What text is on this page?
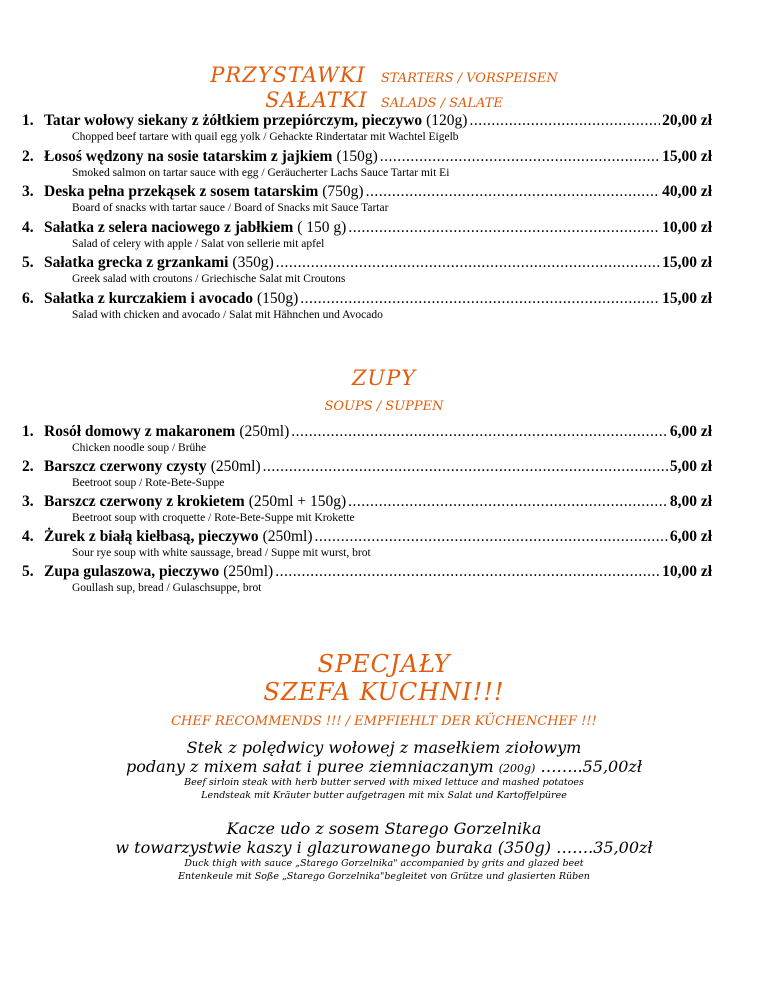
PRZYSTAWKI STARTERS / VORSPEISEN
SAŁATKI SALADS / SALATE
1. Tatar wołowy siekany z żółtkiem przepiórczym, pieczywo (120g) .....	20,00 zł
Chopped beef tartare with quail egg yolk / Gehackte Rindertatar mit Wachtel Eigelb
2. Łosoś wędzony na sosie tatarskim z jajkiem (150g) .....	15,00 zł
Smoked salmon on tartar sauce with egg / Geräucherter Lachs Sauce Tartar mit Ei
3. Deska pełna przekąsek z sosem tatarskim (750g) .....	40,00 zł
Board of snacks with tartar sauce / Board of Snacks mit Sauce Tartar
4. Sałatka z selera naciowego z jabłkiem ( 150 g) .....	10,00 zł
Salad of celery with apple / Salat von sellerie mit apfel
5. Sałatka grecka z grzankami (350g) .....	15,00 zł
Greek salad with croutons / Griechische Salat mit Croutons
6. Sałatka z kurczakiem i avocado (150g) .....	15,00 zł
Salad with chicken and avocado / Salat mit Hähnchen und Avocado
ZUPY
SOUPS / SUPPEN
1. Rosół domowy z makaronem (250ml) .....	6,00 zł
Chicken noodle soup / Brühe
2. Barszcz czerwony czysty (250ml) .....	5,00 zł
Beetroot soup / Rote-Bete-Suppe
3. Barszcz czerwony z krokietem (250ml + 150g) .....	8,00 zł
Beetroot soup with croquette / Rote-Bete-Suppe mit Krokette
4. Żurek z białą kiełbasą, pieczywo (250ml) .....	6,00 zł
Sour rye soup with white saussage, bread / Suppe mit wurst, brot
5. Zupa gulaszowa, pieczywo (250ml) .....	10,00 zł
Goullash sup, bread / Gulaschsuppe, brot
SPECJAŁY
SZEFA KUCHNI!!!
CHEF RECOMMENDS !!! / EMPFIEHLT DER KÜCHENCHEF !!!
Stek z polędwicy wołowej z masełkiem ziołowym
podany z mixem sałat i puree ziemniaczanym (200g) ……..55,00zł
Beef sirloin steak with herb butter served with mixed lettuce and mashed potatoes
Lendsteak mit Kräuter butter aufgetragen mit mix Salat und Kartoffelpüree
Kacze udo z sosem Starego Gorzelnika
w towarzystwie kaszy i glazurowanego buraka (350g) …….35,00zł
Duck thigh with sauce „Starego Gorzelnika" accompanied by grits and glazed beet
Entenkeule mit Soße „Starego Gorzelnika"begleitet von Grütze und glasierten Rüben
